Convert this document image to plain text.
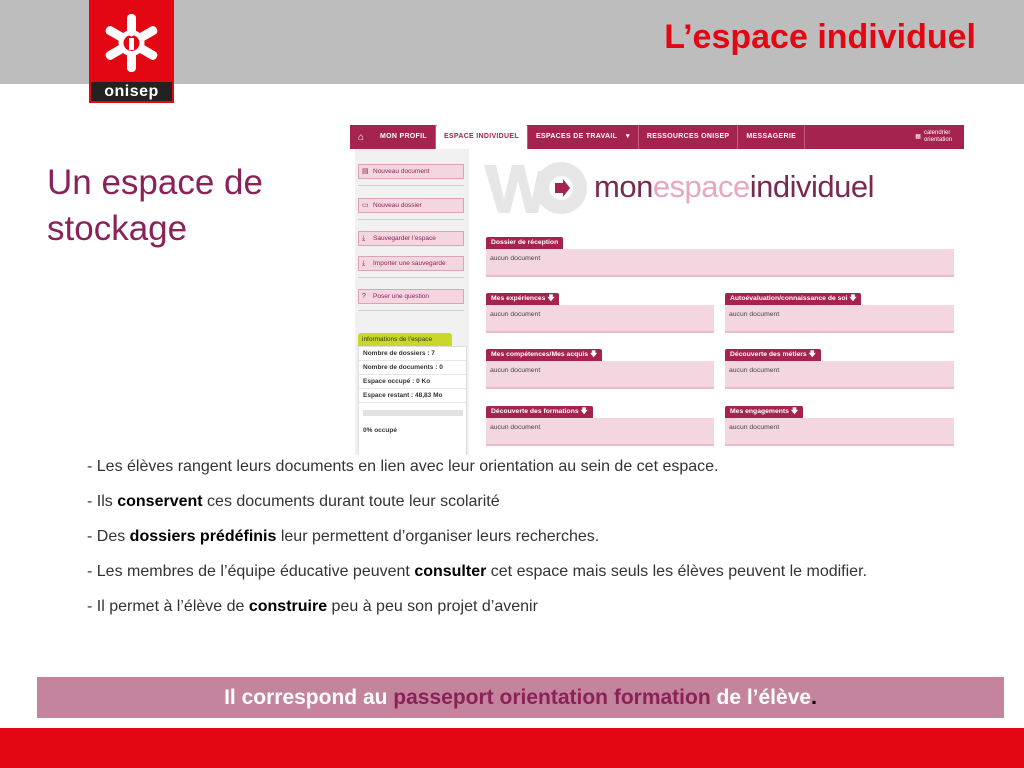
onisep
L’espace individuel
Un espace de stockage
⌂	MON PROFIL	ESPACE INDIVIDUEL	ESPACES DE TRAVAIL ▾	RESSOURCES ONISEP	MESSAGERIE	▦
calendrier
orientation
▤ Nouveau document
▭ Nouveau dossier
⤓ Sauvegarder l’espace
⤓ Importer une sauvegarde
? Poser une question
informations de l’espace
Nombre de dossiers : 7
Nombre de documents : 0
Espace occupé : 0 Ko
Espace restant : 48,83 Mo
0% occupé
monespaceindividuel
Dossier de réception
aucun document
Mes expériences 🡇
aucun document
Autoévaluation/connaissance de soi 🡇
aucun document
Mes compétences/Mes acquis 🡇
aucun document
Découverte des métiers 🡇
aucun document
Découverte des formations 🡇
aucun document
Mes engagements 🡇
aucun document

- Les élèves rangent leurs documents en lien avec leur orientation au sein de cet espace.

- Ils conservent ces documents durant toute leur scolarité

- Des dossiers prédéfinis leur permettent d’organiser leurs recherches.

- Les membres de l’équipe éducative peuvent consulter cet espace mais seuls les élèves peuvent le modifier.

- Il permet à l’élève de construire peu à peu son projet d’avenir

Il correspond au passeport orientation formation de l’élève.
